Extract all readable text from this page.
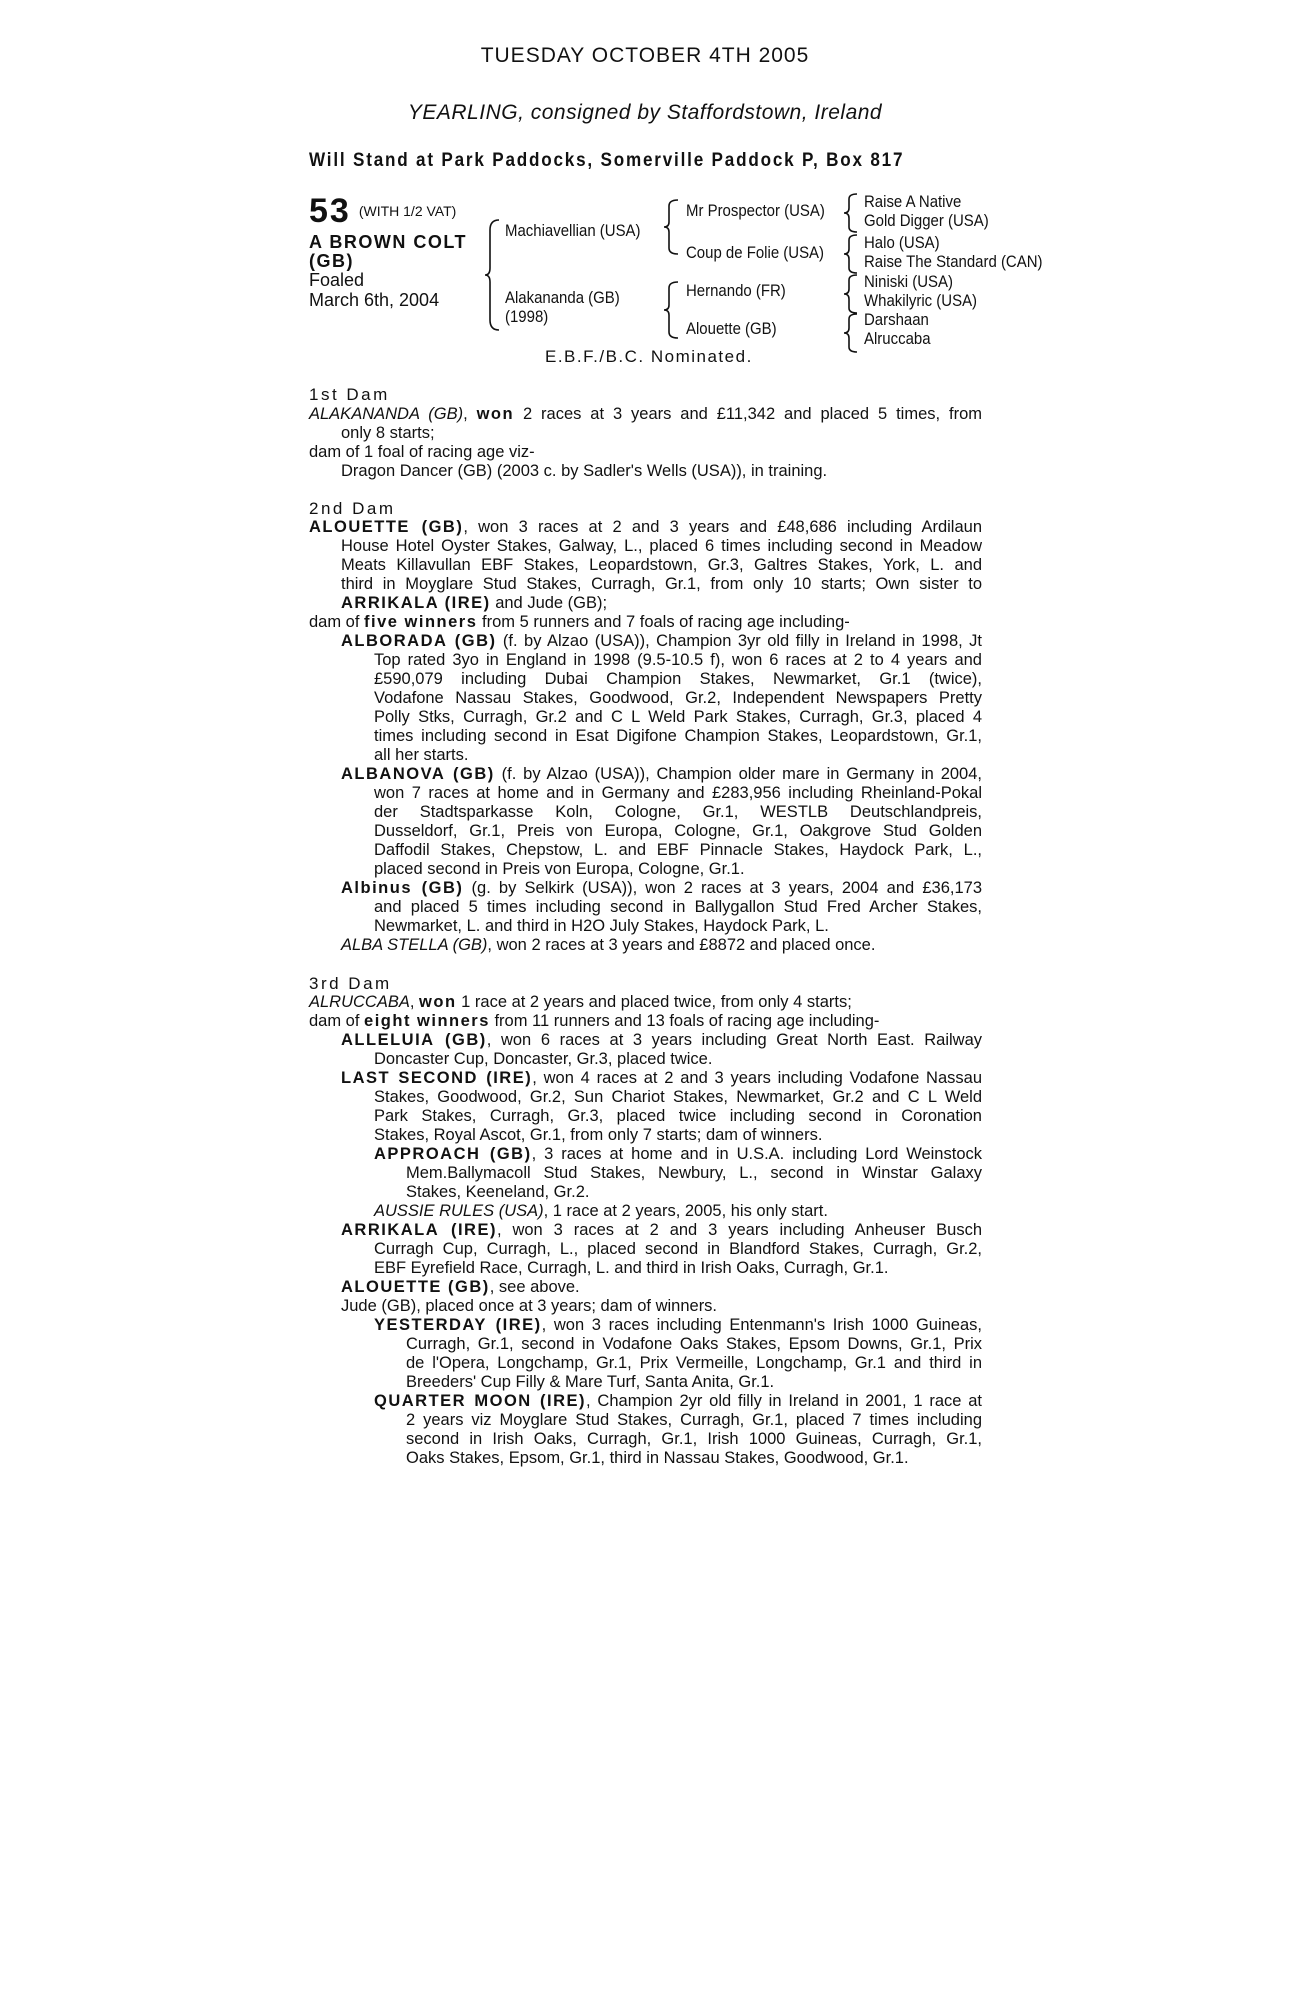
TUESDAY OCTOBER 4TH 2005
YEARLING, consigned by Staffordstown, Ireland
Will Stand at Park Paddocks, Somerville Paddock P, Box 817
53 (WITH 1/2 VAT)
A BROWN COLT
(GB)
Foaled
March 6th, 2004
Machiavellian (USA)
Alakananda (GB)
(1998)
Mr Prospector (USA)
Coup de Folie (USA)
Hernando (FR)
Alouette (GB)
Raise A Native
Gold Digger (USA)
Halo (USA)
Raise The Standard (CAN)
Niniski (USA)
Whakilyric (USA)
Darshaan
Alruccaba
E.B.F./B.C. Nominated.
1st Dam
ALAKANANDA (GB), won 2 races at 3 years and £11,342 and placed 5 times, from
only 8 starts;
dam of 1 foal of racing age viz-
Dragon Dancer (GB) (2003 c. by Sadler's Wells (USA)), in training.
2nd Dam
ALOUETTE (GB), won 3 races at 2 and 3 years and £48,686 including Ardilaun
House Hotel Oyster Stakes, Galway, L., placed 6 times including second in Meadow
Meats Killavullan EBF Stakes, Leopardstown, Gr.3, Galtres Stakes, York, L. and
third in Moyglare Stud Stakes, Curragh, Gr.1, from only 10 starts; Own sister to
ARRIKALA (IRE) and Jude (GB);
dam of five winners from 5 runners and 7 foals of racing age including-
ALBORADA (GB) (f. by Alzao (USA)), Champion 3yr old filly in Ireland in 1998, Jt
Top rated 3yo in England in 1998 (9.5-10.5 f), won 6 races at 2 to 4 years and
£590,079 including Dubai Champion Stakes, Newmarket, Gr.1 (twice),
Vodafone Nassau Stakes, Goodwood, Gr.2, Independent Newspapers Pretty
Polly Stks, Curragh, Gr.2 and C L Weld Park Stakes, Curragh, Gr.3, placed 4
times including second in Esat Digifone Champion Stakes, Leopardstown, Gr.1,
all her starts.
ALBANOVA (GB) (f. by Alzao (USA)), Champion older mare in Germany in 2004,
won 7 races at home and in Germany and £283,956 including Rheinland-Pokal
der Stadtsparkasse Koln, Cologne, Gr.1, WESTLB Deutschlandpreis,
Dusseldorf, Gr.1, Preis von Europa, Cologne, Gr.1, Oakgrove Stud Golden
Daffodil Stakes, Chepstow, L. and EBF Pinnacle Stakes, Haydock Park, L.,
placed second in Preis von Europa, Cologne, Gr.1.
Albinus (GB) (g. by Selkirk (USA)), won 2 races at 3 years, 2004 and £36,173
and placed 5 times including second in Ballygallon Stud Fred Archer Stakes,
Newmarket, L. and third in H2O July Stakes, Haydock Park, L.
ALBA STELLA (GB), won 2 races at 3 years and £8872 and placed once.
3rd Dam
ALRUCCABA, won 1 race at 2 years and placed twice, from only 4 starts;
dam of eight winners from 11 runners and 13 foals of racing age including-
ALLELUIA (GB), won 6 races at 3 years including Great North East. Railway
Doncaster Cup, Doncaster, Gr.3, placed twice.
LAST SECOND (IRE), won 4 races at 2 and 3 years including Vodafone Nassau
Stakes, Goodwood, Gr.2, Sun Chariot Stakes, Newmarket, Gr.2 and C L Weld
Park Stakes, Curragh, Gr.3, placed twice including second in Coronation
Stakes, Royal Ascot, Gr.1, from only 7 starts; dam of winners.
APPROACH (GB), 3 races at home and in U.S.A. including Lord Weinstock
Mem.Ballymacoll Stud Stakes, Newbury, L., second in Winstar Galaxy
Stakes, Keeneland, Gr.2.
AUSSIE RULES (USA), 1 race at 2 years, 2005, his only start.
ARRIKALA (IRE), won 3 races at 2 and 3 years including Anheuser Busch
Curragh Cup, Curragh, L., placed second in Blandford Stakes, Curragh, Gr.2,
EBF Eyrefield Race, Curragh, L. and third in Irish Oaks, Curragh, Gr.1.
ALOUETTE (GB), see above.
Jude (GB), placed once at 3 years; dam of winners.
YESTERDAY (IRE), won 3 races including Entenmann's Irish 1000 Guineas,
Curragh, Gr.1, second in Vodafone Oaks Stakes, Epsom Downs, Gr.1, Prix
de l'Opera, Longchamp, Gr.1, Prix Vermeille, Longchamp, Gr.1 and third in
Breeders' Cup Filly & Mare Turf, Santa Anita, Gr.1.
QUARTER MOON (IRE), Champion 2yr old filly in Ireland in 2001, 1 race at
2 years viz Moyglare Stud Stakes, Curragh, Gr.1, placed 7 times including
second in Irish Oaks, Curragh, Gr.1, Irish 1000 Guineas, Curragh, Gr.1,
Oaks Stakes, Epsom, Gr.1, third in Nassau Stakes, Goodwood, Gr.1.
